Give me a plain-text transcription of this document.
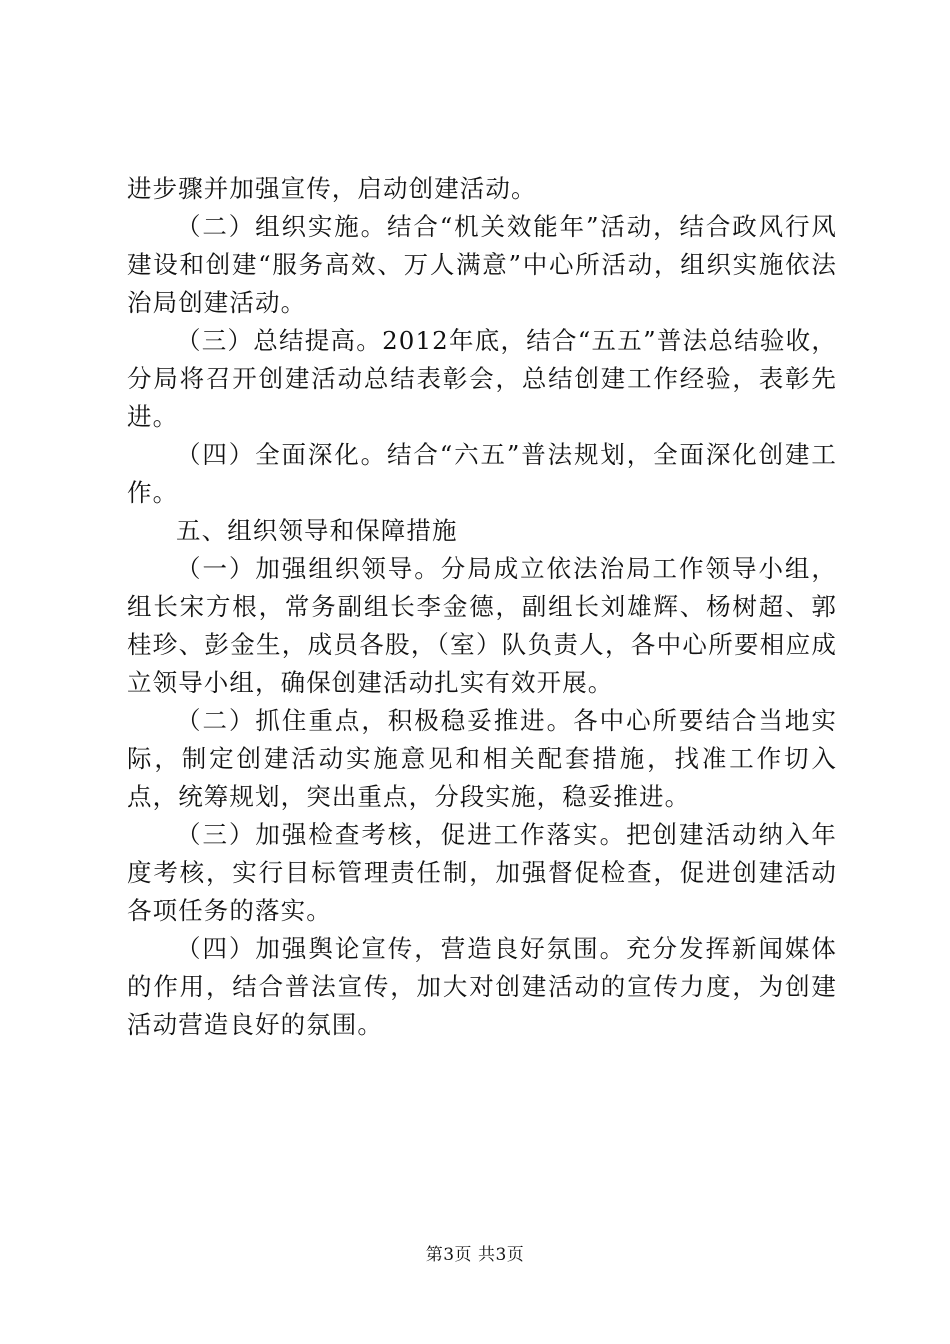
进步骤并加强宣传，启动创建活动。

（二）组织实施。结合“机关效能年”活动，结合政风行风建设和创建“服务高效、万人满意”中心所活动，组织实施依法治局创建活动。

（三）总结提高。2012年底，结合“五五”普法总结验收，分局将召开创建活动总结表彰会，总结创建工作经验，表彰先进。

（四）全面深化。结合“六五”普法规划，全面深化创建工作。

五、组织领导和保障措施

（一）加强组织领导。分局成立依法治局工作领导小组，组长宋方根，常务副组长李金德，副组长刘雄辉、杨树超、郭桂珍、彭金生，成员各股，（室）队负责人，各中心所要相应成立领导小组，确保创建活动扎实有效开展。

（二）抓住重点，积极稳妥推进。各中心所要结合当地实际，制定创建活动实施意见和相关配套措施，找准工作切入点，统筹规划，突出重点，分段实施，稳妥推进。

（三）加强检查考核，促进工作落实。把创建活动纳入年度考核，实行目标管理责任制，加强督促检查，促进创建活动各项任务的落实。

（四）加强舆论宣传，营造良好氛围。充分发挥新闻媒体的作用，结合普法宣传，加大对创建活动的宣传力度，为创建活动营造良好的氛围。

第3页 共3页
